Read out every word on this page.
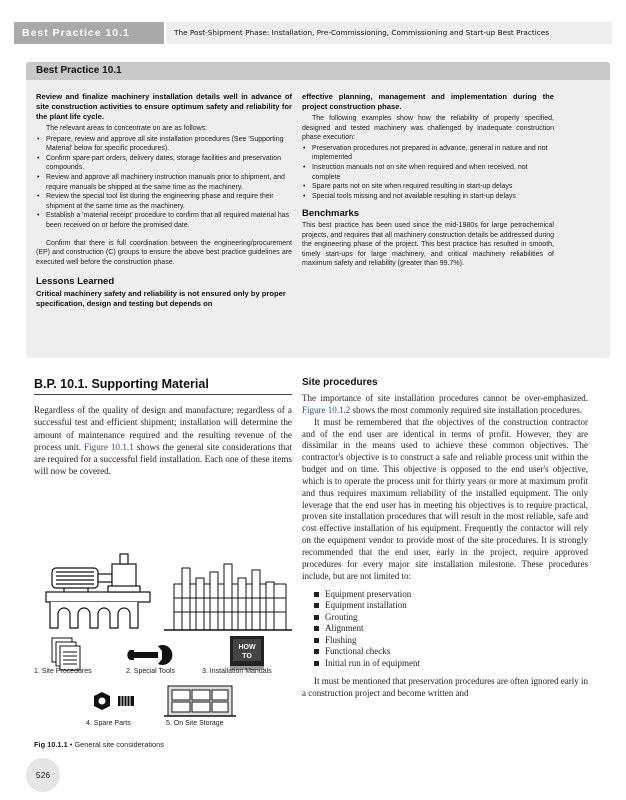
Best Practice 10.1	The Post-Shipment Phase: Installation, Pre-Commissioning, Commissioning and Start-up Best Practices
Best Practice 10.1

Review and finalize machinery installation details well in advance of site construction activities to ensure optimum safety and reliability for the plant life cycle.

The relevant areas to concentrate on are as follows:

• Prepare, review and approve all site installation procedures (See 'Supporting Material' below for specific procedures).
• Confirm spare part orders, delivery dates, storage facilities and preservation compounds.
• Review and approve all machinery instruction manuals prior to shipment, and require manuals be shipped at the same time as the machinery.
• Review the special tool list during the engineering phase and require their shipment at the same time as the machinery.
• Establish a 'material receipt' procedure to confirm that all required material has been received on or before the promised date.

Confirm that there is full coordination between the engineering/procurement (EP) and construction (C) groups to ensure the above best practice guidelines are executed well before the construction phase.

Lessons Learned

Critical machinery safety and reliability is not ensured only by proper specification, design and testing but depends on

effective planning, management and implementation during the project construction phase.

The following examples show how the reliability of properly specified, designed and tested machinery was challenged by inadequate construction phase execution:

• Preservation procedures not prepared in advance, general in nature and not implemented
• Instruction manuals not on site when required and when received, not complete
• Spare parts not on site when required resulting in start-up delays
• Special tools missing and not available resulting in start-up delays
Benchmarks

This best practice has been used since the mid-1980s for large petrochemical projects, and requires that all machinery construction details be addressed during the engineering phase of the project. This best practice has resulted in smooth, timely start-ups for large machinery, and critical machinery reliabilities of maximum safety and reliability (greater than 99.7%).

B.P. 10.1. Supporting Material

Regardless of the quality of design and manufacture; regardless of a successful test and efficient shipment; installation will determine the amount of maintenance required and the resulting revenue of the process unit. Figure 10.1.1 shows the general site considerations that are required for a successful field installation. Each one of these items will now be covered.

HOW
TO
1. Site Procedures	2. Special Tools	3. Installation Manuals
4. Spare Parts	5. On Site Storage
Fig 10.1.1 • General site considerations
Site procedures

The importance of site installation procedures cannot be over-emphasized. Figure 10.1.2 shows the most commonly required site installation procedures.

It must be remembered that the objectives of the construction contractor and of the end user are identical in terms of profit. However, they are dissimilar in the means used to achieve these common objectives. The contractor's objective is to construct a safe and reliable process unit within the budget and on time. This objective is opposed to the end user's objective, which is to operate the process unit for thirty years or more at maximum profit and thus requires maximum reliability of the installed equipment. The only leverage that the end user has in meeting his objectives is to require practical, proven site installation procedures that will result in the most reliable, safe and cost effective installation of his equipment. Frequently the contactor will rely on the equipment vendor to provide most of the site procedures. It is strongly recommended that the end user, early in the project, require approved procedures for every major site installation milestone. These procedures include, but are not limited to:

Equipment preservation
Equipment installation
Grouting
Alignment
Flushing
Functional checks
Initial run in of equipment

It must be mentioned that preservation procedures are often ignored early in a construction project and become written and

526
